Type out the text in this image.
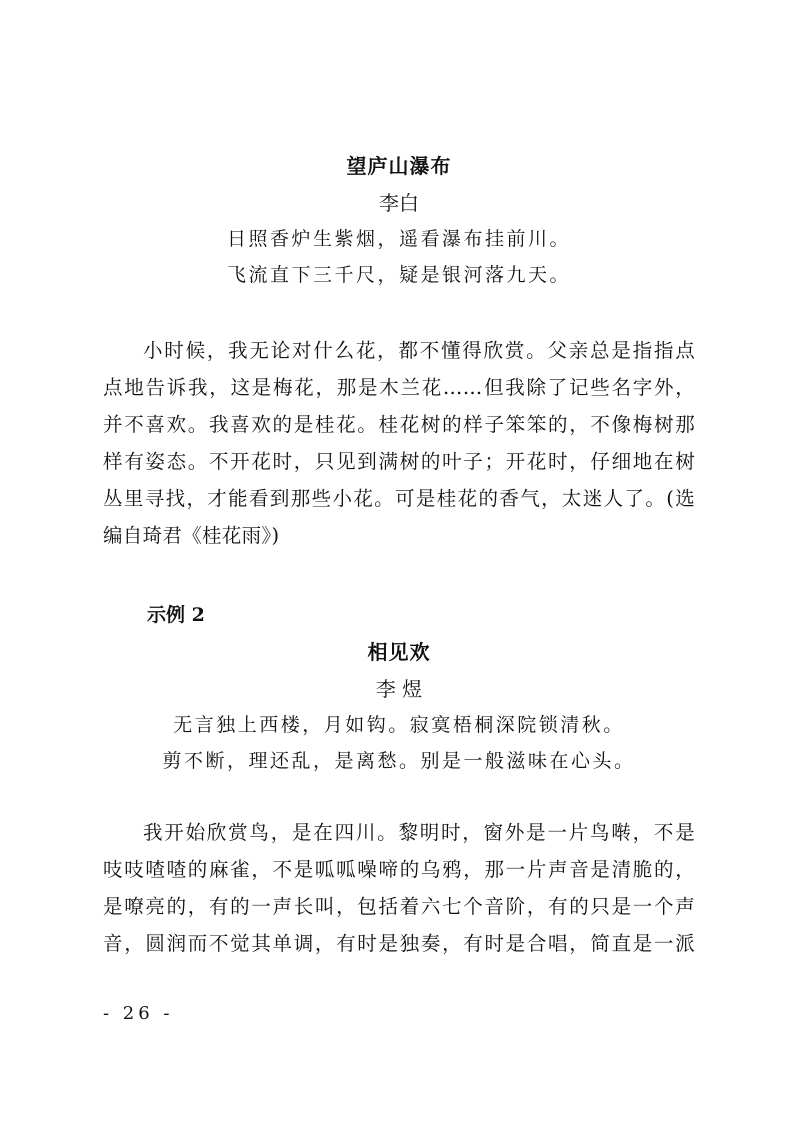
望庐山瀑布
李白
日照香炉生紫烟，遥看瀑布挂前川。
飞流直下三千尺，疑是银河落九天。
小时候，我无论对什么花，都不懂得欣赏。父亲总是指指点
点地告诉我，这是梅花，那是木兰花……但我除了记些名字外，
并不喜欢。我喜欢的是桂花。桂花树的样子笨笨的，不像梅树那
样有姿态。不开花时，只见到满树的叶子；开花时，仔细地在树
丛里寻找，才能看到那些小花。可是桂花的香气，太迷人了。(选
编自琦君《桂花雨》)
示例 2
相见欢
李 煜
无言独上西楼，月如钩。寂寞梧桐深院锁清秋。
剪不断，理还乱，是离愁。别是一般滋味在心头。
我开始欣赏鸟，是在四川。黎明时，窗外是一片鸟啭，不是
吱吱喳喳的麻雀，不是呱呱噪啼的乌鸦，那一片声音是清脆的，
是嘹亮的，有的一声长叫，包括着六七个音阶，有的只是一个声
音，圆润而不觉其单调，有时是独奏，有时是合唱，简直是一派
- 26 -
